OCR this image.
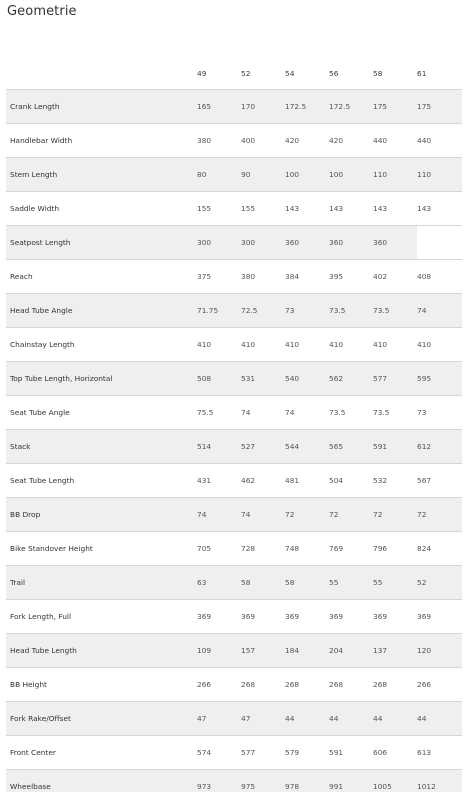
Geometrie
	49	52	54	56	58	61
Crank Length	165	170	172.5	172.5	175	175
Handlebar Width	380	400	420	420	440	440
Stem Length	80	90	100	100	110	110
Saddle Width	155	155	143	143	143	143
Seatpost Length	300	300	360	360	360	
Reach	375	380	384	395	402	408
Head Tube Angle	71.75	72.5	73	73.5	73.5	74
Chainstay Length	410	410	410	410	410	410
Top Tube Length, Horizontal	508	531	540	562	577	595
Seat Tube Angle	75.5	74	74	73.5	73.5	73
Stack	514	527	544	565	591	612
Seat Tube Length	431	462	481	504	532	567
BB Drop	74	74	72	72	72	72
Bike Standover Height	705	728	748	769	796	824
Trail	63	58	58	55	55	52
Fork Length, Full	369	369	369	369	369	369
Head Tube Length	109	157	184	204	137	120
BB Height	266	268	268	268	268	266
Fork Rake/Offset	47	47	44	44	44	44
Front Center	574	577	579	591	606	613
Wheelbase	973	975	978	991	1005	1012
